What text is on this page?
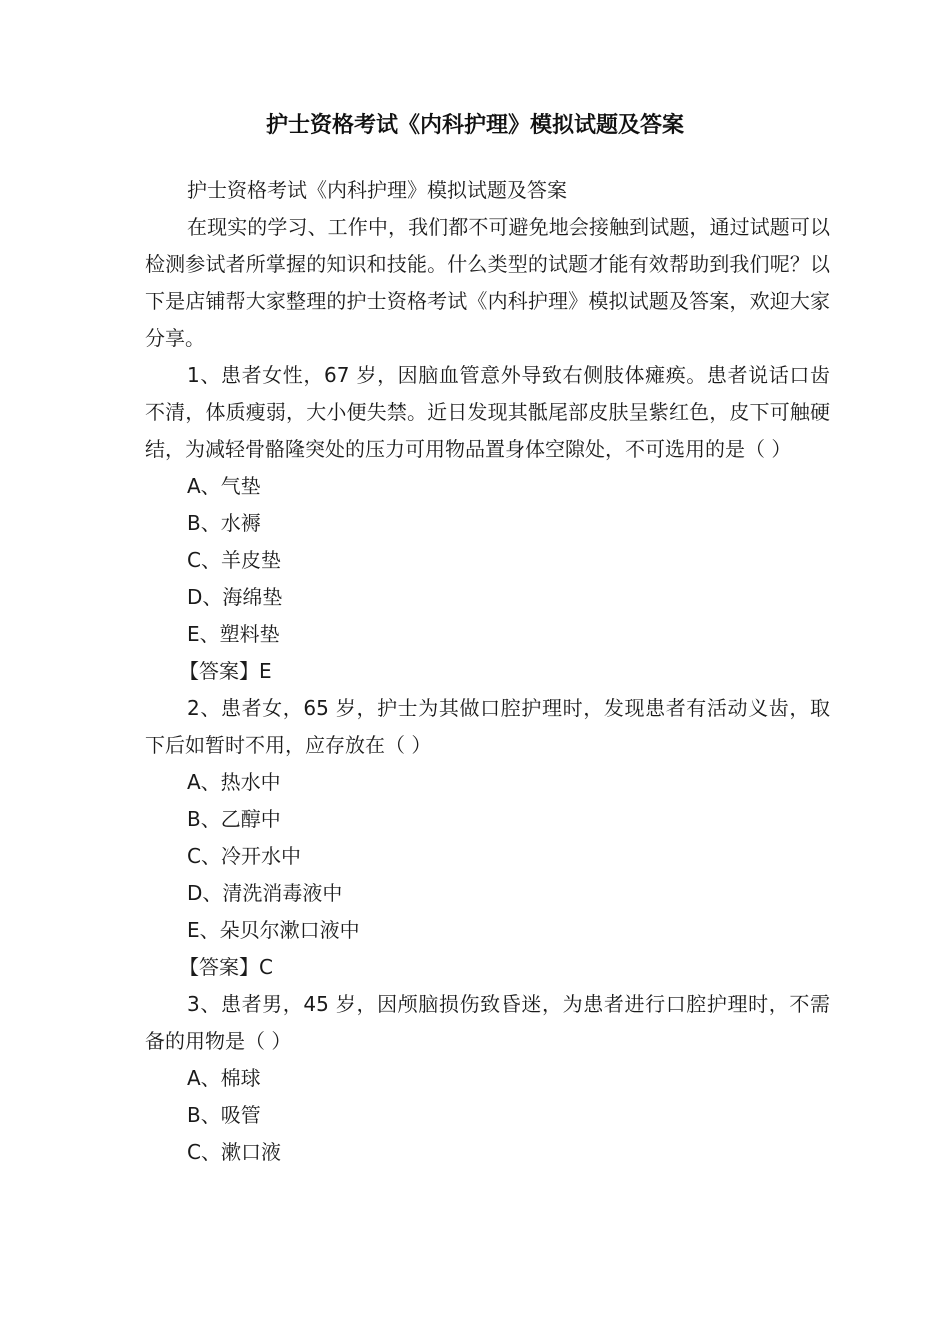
护士资格考试《内科护理》模拟试题及答案

护士资格考试《内科护理》模拟试题及答案

在现实的学习、工作中，我们都不可避免地会接触到试题，通过试题可以检测参试者所掌握的知识和技能。什么类型的试题才能有效帮助到我们呢？以下是店铺帮大家整理的护士资格考试《内科护理》模拟试题及答案，欢迎大家分享。

1、患者女性，67 岁，因脑血管意外导致右侧肢体瘫痪。患者说话口齿不清，体质瘦弱，大小便失禁。近日发现其骶尾部皮肤呈紫红色，皮下可触硬结，为减轻骨骼隆突处的压力可用物品置身体空隙处，不可选用的是（ ）

A、气垫

B、水褥

C、羊皮垫

D、海绵垫

E、塑料垫

【答案】E

2、患者女，65 岁，护士为其做口腔护理时，发现患者有活动义齿，取下后如暂时不用，应存放在（ ）

A、热水中

B、乙醇中

C、冷开水中

D、清洗消毒液中

E、朵贝尔漱口液中

【答案】C

3、患者男，45 岁，因颅脑损伤致昏迷，为患者进行口腔护理时，不需备的用物是（ ）

A、棉球

B、吸管

C、漱口液
